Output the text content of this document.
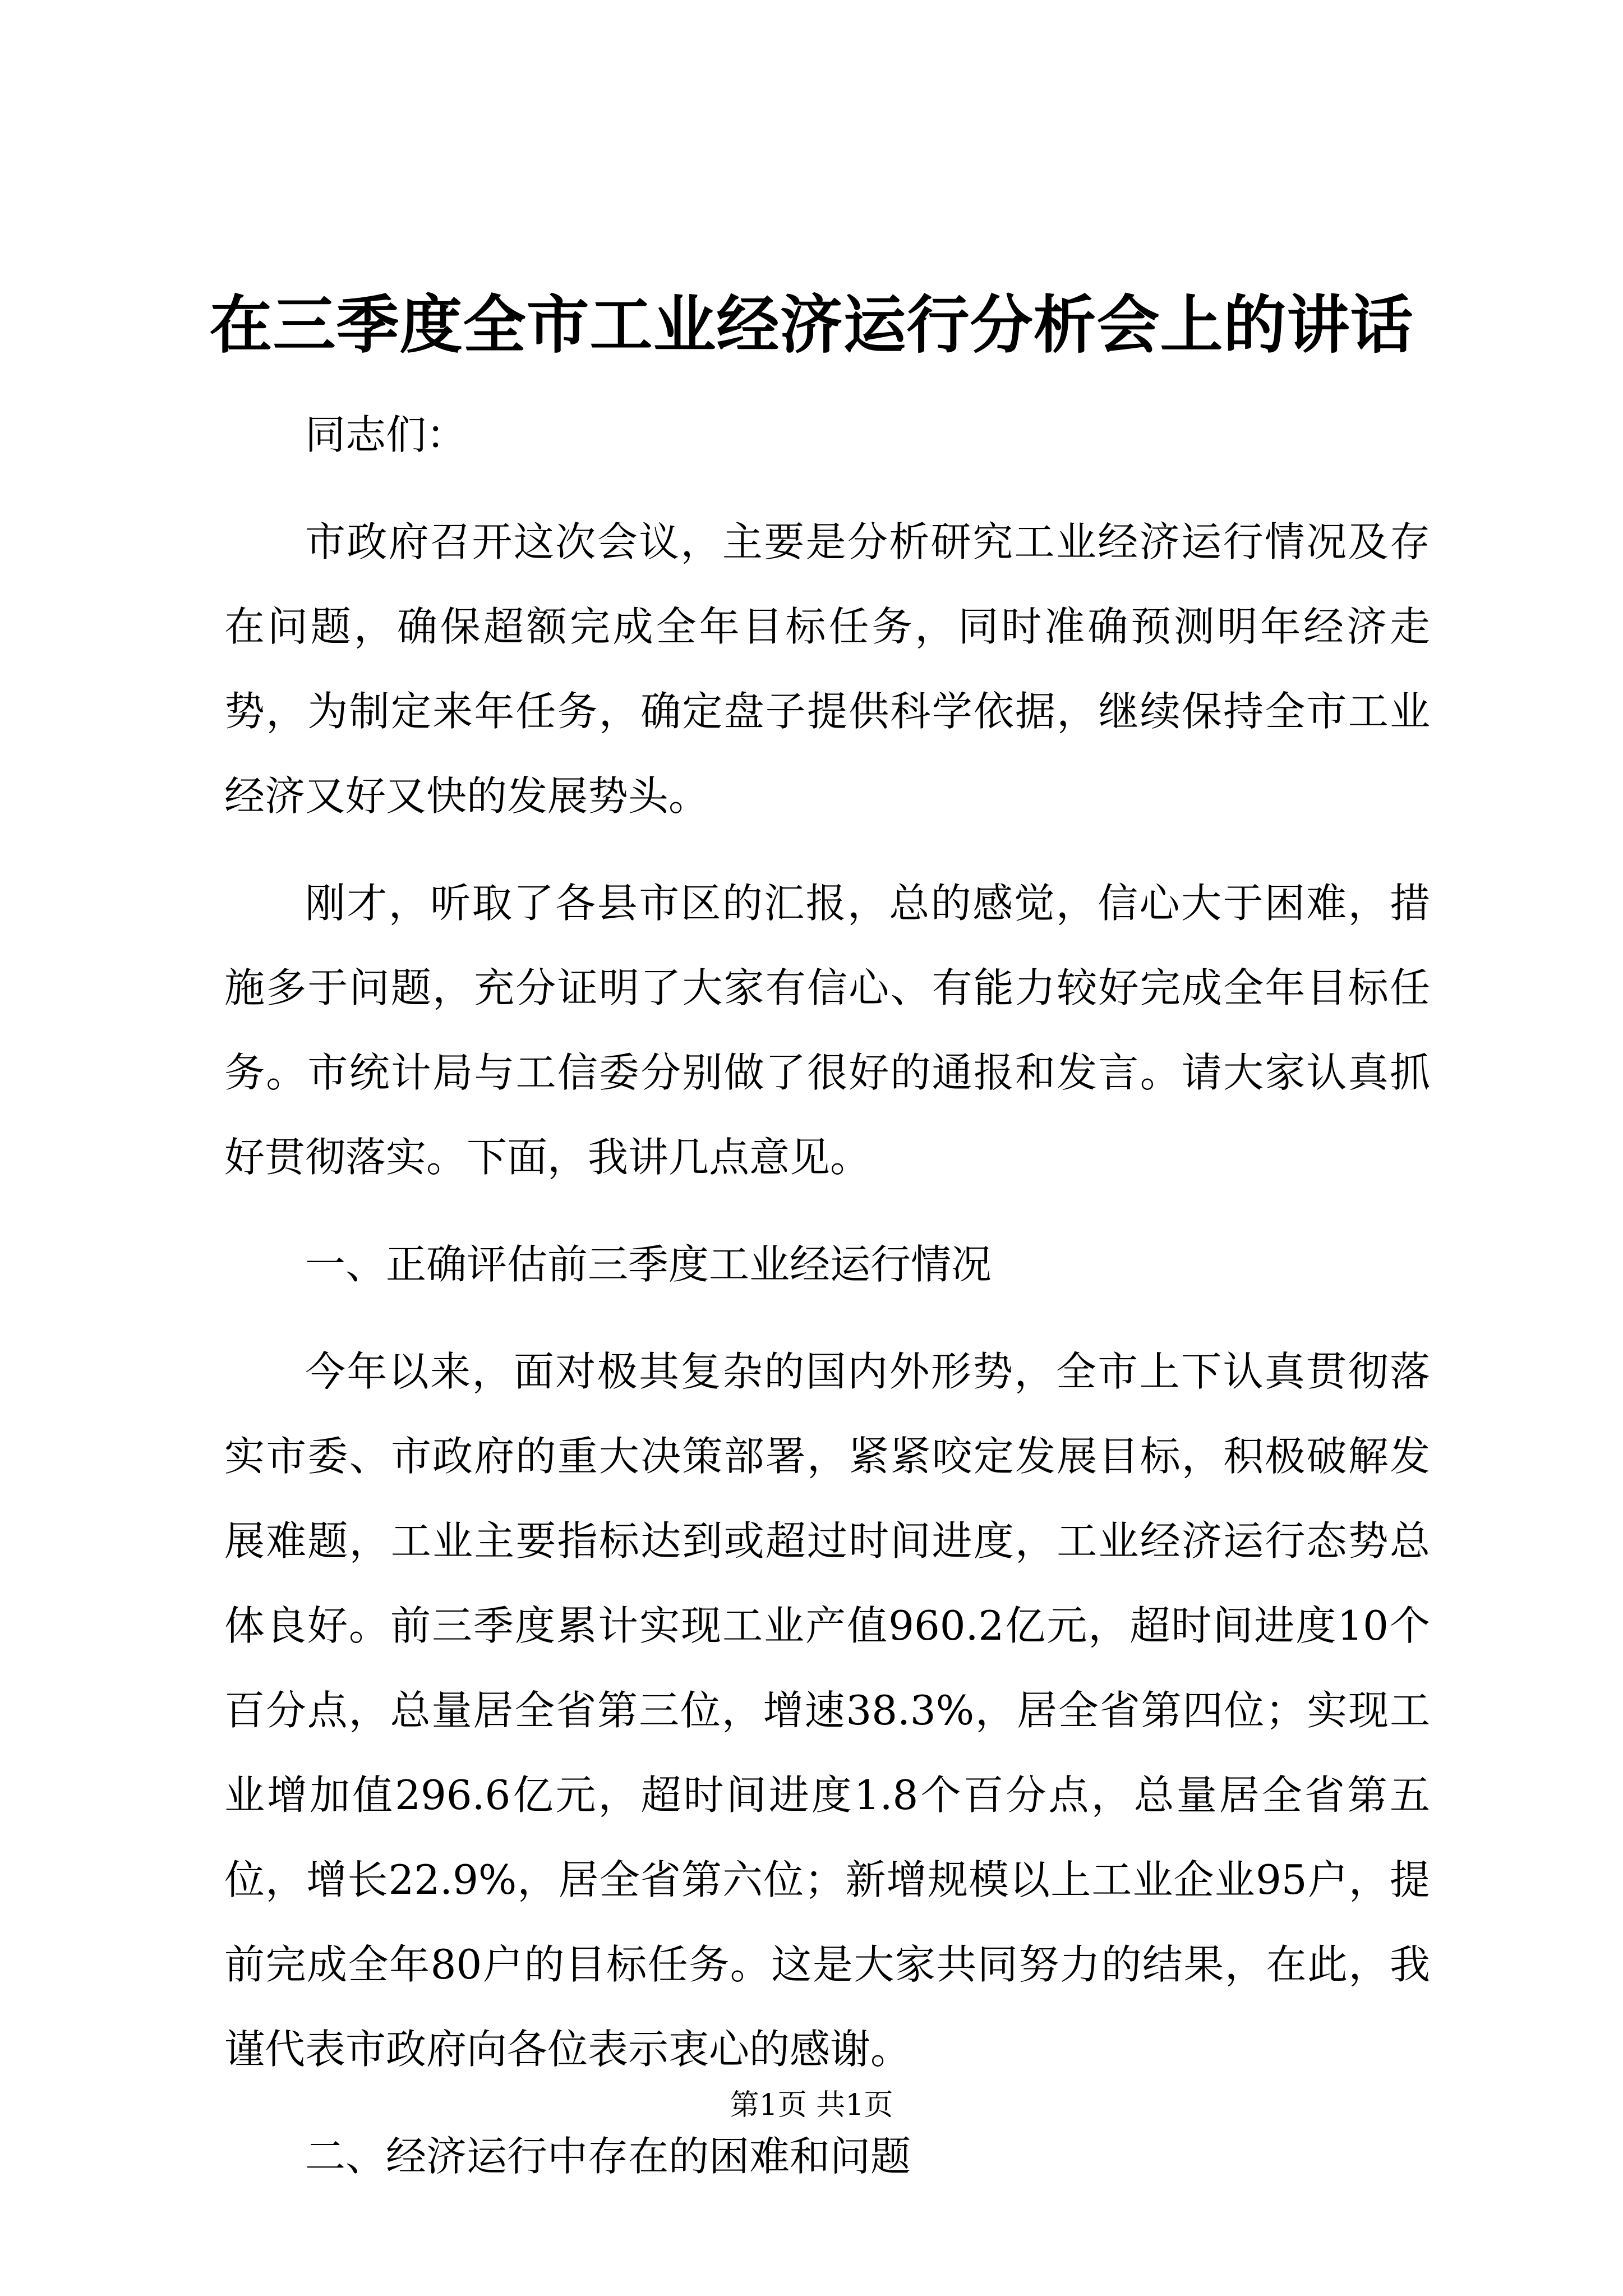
在三季度全市工业经济运行分析会上的讲话

同志们：

市政府召开这次会议，主要是分析研究工业经济运行情况及存在问题，确保超额完成全年目标任务，同时准确预测明年经济走势，为制定来年任务，确定盘子提供科学依据，继续保持全市工业经济又好又快的发展势头。

刚才，听取了各县市区的汇报，总的感觉，信心大于困难，措施多于问题，充分证明了大家有信心、有能力较好完成全年目标任务。市统计局与工信委分别做了很好的通报和发言。请大家认真抓好贯彻落实。下面，我讲几点意见。

一、正确评估前三季度工业经运行情况

今年以来，面对极其复杂的国内外形势，全市上下认真贯彻落实市委、市政府的重大决策部署，紧紧咬定发展目标，积极破解发展难题，工业主要指标达到或超过时间进度，工业经济运行态势总体良好。前三季度累计实现工业产值960.2亿元，超时间进度10个百分点，总量居全省第三位，增速38.3%，居全省第四位；实现工业增加值296.6亿元，超时间进度1.8个百分点，总量居全省第五位，增长22.9%，居全省第六位；新增规模以上工业企业95户，提前完成全年80户的目标任务。这是大家共同努力的结果，在此，我谨代表市政府向各位表示衷心的感谢。

二、经济运行中存在的困难和问题

第1页 共1页
